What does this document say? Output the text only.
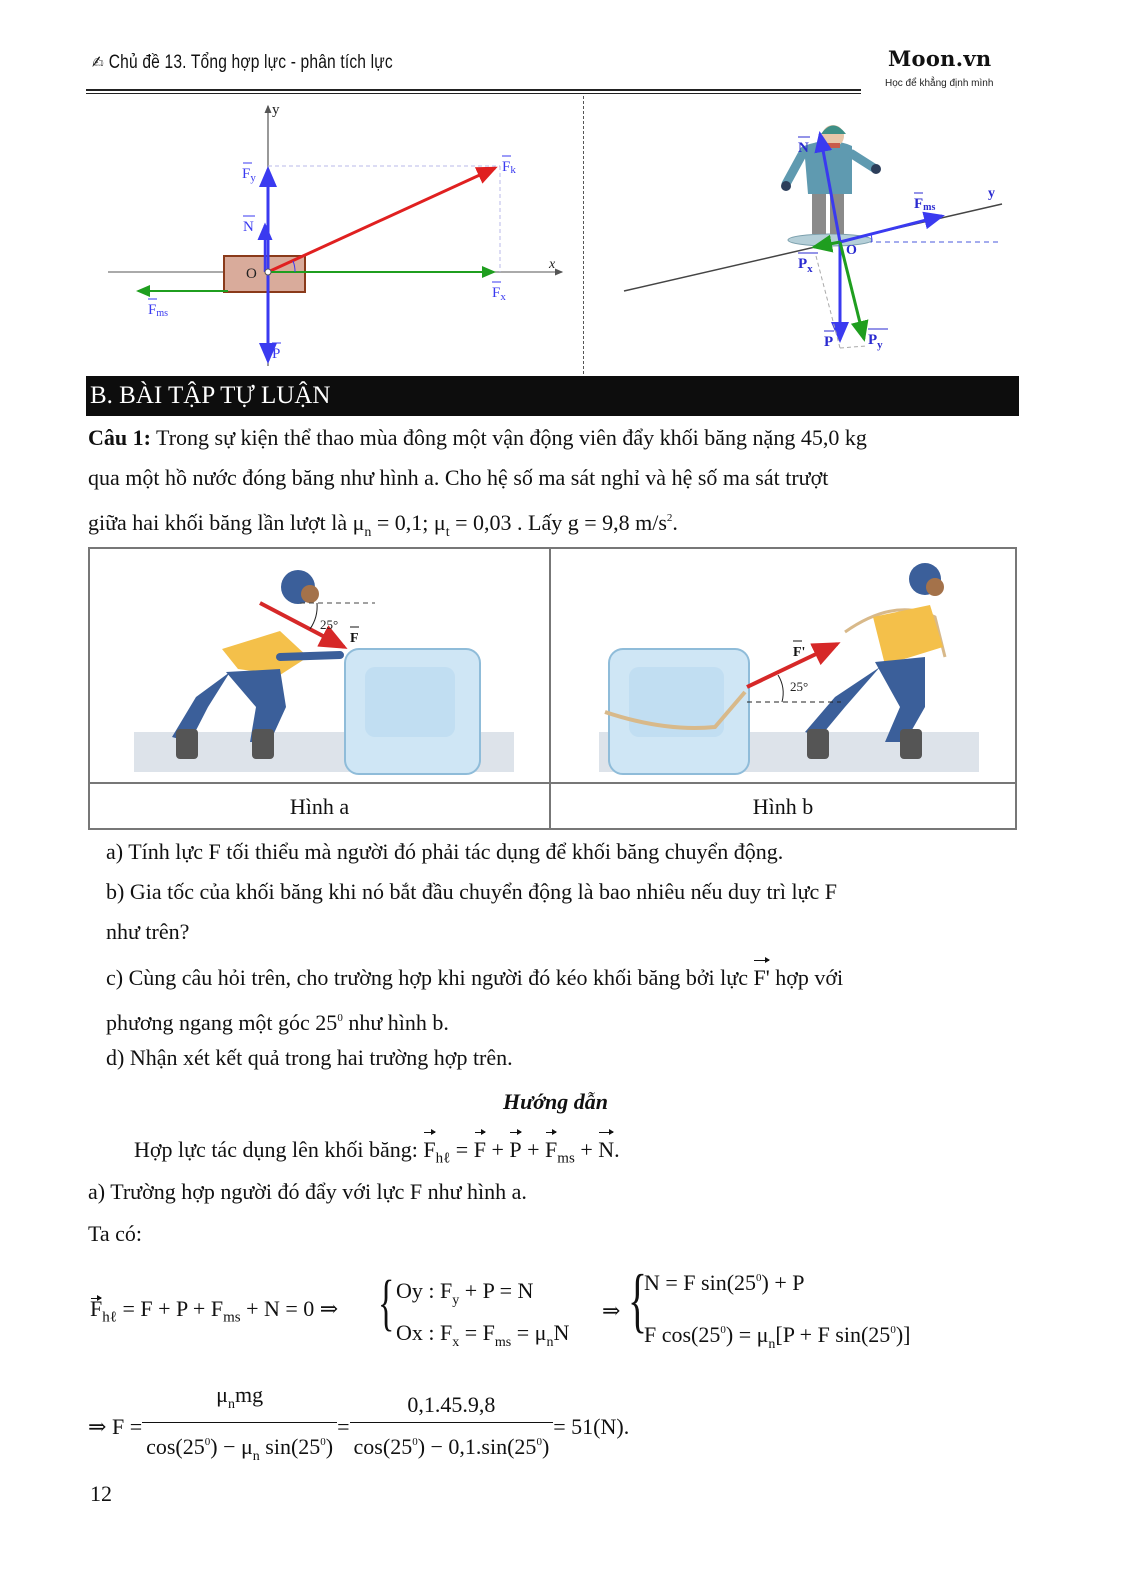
✍ Chủ đề 13. Tổng hợp lực - phân tích lực	Moon.vn
Học để khẳng định mình
y
x
O
$F_y$
N
Fk
$F_x$
Fms
P
N
Fms
y
O
$P_x$
P $P_y$
B. BÀI TẬP TỰ LUẬN
Câu 1: Trong sự kiện thể thao mùa đông một vận động viên đẩy khối băng nặng 45,0 kg
qua một hồ nước đóng băng như hình a. Cho hệ số ma sát nghỉ và hệ số ma sát trượt
giữa hai khối băng lần lượt là $\mu_n = 0,1$; $\mu_t = 0,03$ . Lấy g = 9,8 $m/s^2$.
25°
F
25°
F'
Hình a	Hình b
a) Tính lực F tối thiểu mà người đó phải tác dụng để khối băng chuyển động.
b) Gia tốc của khối băng khi nó bắt đầu chuyển động là bao nhiêu nếu duy trì lực F
như trên?
c) Cùng câu hỏi trên, cho trường hợp khi người đó kéo khối băng bởi lực F' hợp với
phương ngang một góc $25^0$ như hình b.
d) Nhận xét kết quả trong hai trường hợp trên.
Hướng dẫn
Hợp lực tác dụng lên khối băng: $F_{h\ell} = F + P + F_{ms} + N$.
a) Trường hợp người đó đẩy với lực F như hình a.
Ta có:
$F_{h\ell} = F + P + F_{ms} + N = 0$ ⇒ { Oy : $F_y + P = N$
Ox : $F_x = F_{ms} = \mu_nN$
⇒ {
N = F $\sin(25^0) + P$
F $\cos(25^0) = \mu_n[P + F$ $\sin(25^0)$]
⇒
F
= $\frac{\mu_nmg}{\cos(25^0) - \mu_n \sin(25^0)} = \frac{0,1.45.9,8}{\cos(25^0) - 0,1.\sin(25^0)} = 51(N)$.
12
